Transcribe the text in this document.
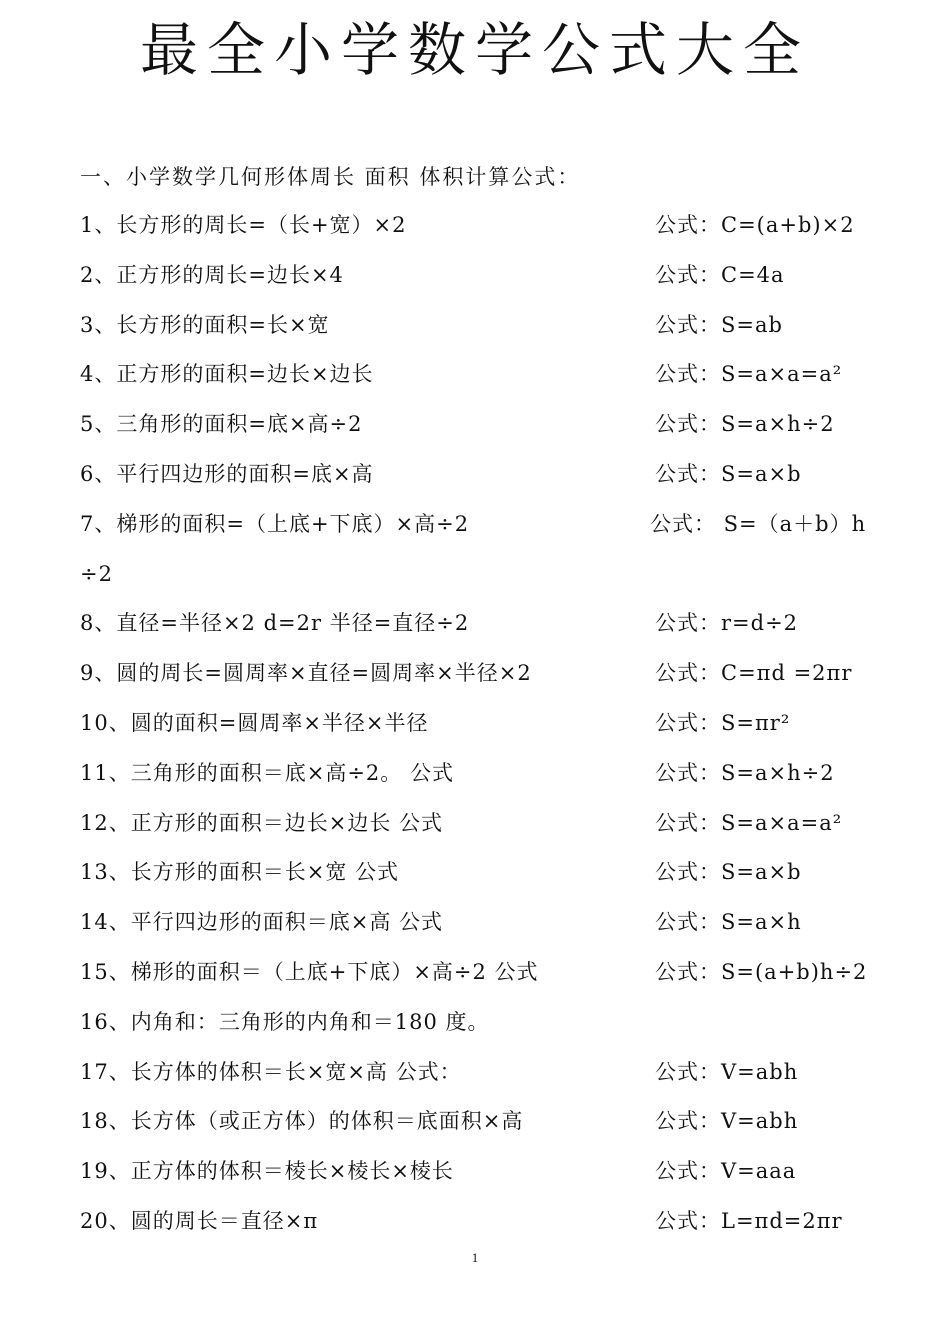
最全小学数学公式大全
一、小学数学几何形体周长 面积 体积计算公式：
1、长方形的周长=（长+宽）×2	公式：C=(a+b)×2
2、正方形的周长=边长×4	公式：C=4a
3、长方形的面积=长×宽	公式：S=ab
4、正方形的面积=边长×边长	公式：S=a×a=a²
5、三角形的面积=底×高÷2	公式：S=a×h÷2
6、平行四边形的面积=底×高	公式：S=a×b
7、梯形的面积=（上底+下底）×高÷2	公式： S=（a＋b）h
÷2
8、直径=半径×2 d=2r 半径=直径÷2	公式：r=d÷2
9、圆的周长=圆周率×直径=圆周率×半径×2	公式：C=πd =2πr
10、圆的面积=圆周率×半径×半径	公式：S=πr²
11、三角形的面积＝底×高÷2。 公式	公式：S=a×h÷2
12、正方形的面积＝边长×边长 公式	公式：S=a×a=a²
13、长方形的面积＝长×宽 公式	公式：S=a×b
14、平行四边形的面积＝底×高 公式	公式：S=a×h
15、梯形的面积＝（上底+下底）×高÷2 公式	公式：S=(a+b)h÷2
16、内角和：三角形的内角和＝180 度。
17、长方体的体积＝长×宽×高 公式：	公式：V=abh
18、长方体（或正方体）的体积＝底面积×高	公式：V=abh
19、正方体的体积＝棱长×棱长×棱长	公式：V=aaa
20、圆的周长＝直径×π	公式：L=πd=2πr
1
